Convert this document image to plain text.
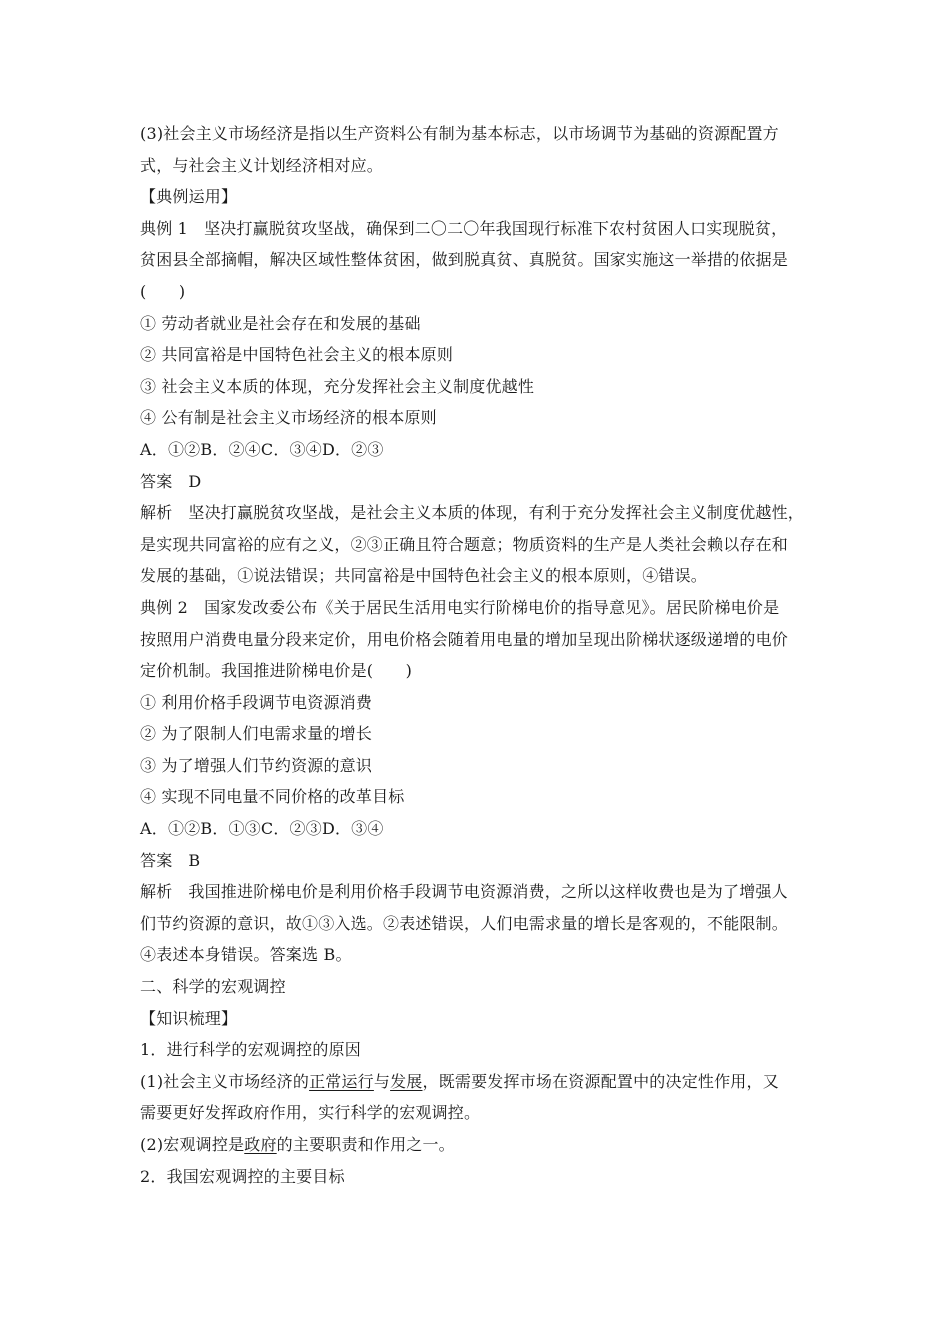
(3)社会主义市场经济是指以生产资料公有制为基本标志，以市场调节为基础的资源配置方
式，与社会主义计划经济相对应。
【典例运用】
典例 1 坚决打赢脱贫攻坚战，确保到二〇二〇年我国现行标准下农村贫困人口实现脱贫，
贫困县全部摘帽，解决区域性整体贫困，做到脱真贫、真脱贫。国家实施这一举措的依据是
(　　)
① 劳动者就业是社会存在和发展的基础
② 共同富裕是中国特色社会主义的根本原则
③ 社会主义本质的体现，充分发挥社会主义制度优越性
④ 公有制是社会主义市场经济的根本原则
A．①②B．②④C．③④D．②③
答案 D
解析 坚决打赢脱贫攻坚战，是社会主义本质的体现，有利于充分发挥社会主义制度优越性，
是实现共同富裕的应有之义，②③正确且符合题意；物质资料的生产是人类社会赖以存在和
发展的基础，①说法错误；共同富裕是中国特色社会主义的根本原则，④错误。
典例 2 国家发改委公布《关于居民生活用电实行阶梯电价的指导意见》。居民阶梯电价是
按照用户消费电量分段来定价，用电价格会随着用电量的增加呈现出阶梯状逐级递增的电价
定价机制。我国推进阶梯电价是(　　)
① 利用价格手段调节电资源消费
② 为了限制人们电需求量的增长
③ 为了增强人们节约资源的意识
④ 实现不同电量不同价格的改革目标
A．①②B．①③C．②③D．③④
答案 B
解析 我国推进阶梯电价是利用价格手段调节电资源消费，之所以这样收费也是为了增强人
们节约资源的意识，故①③入选。②表述错误，人们电需求量的增长是客观的，不能限制。
④表述本身错误。答案选 B。
二、科学的宏观调控
【知识梳理】
1．进行科学的宏观调控的原因
(1)社会主义市场经济的正常运行与发展，既需要发挥市场在资源配置中的决定性作用，又
需要更好发挥政府作用，实行科学的宏观调控。
(2)宏观调控是政府的主要职责和作用之一。
2．我国宏观调控的主要目标
